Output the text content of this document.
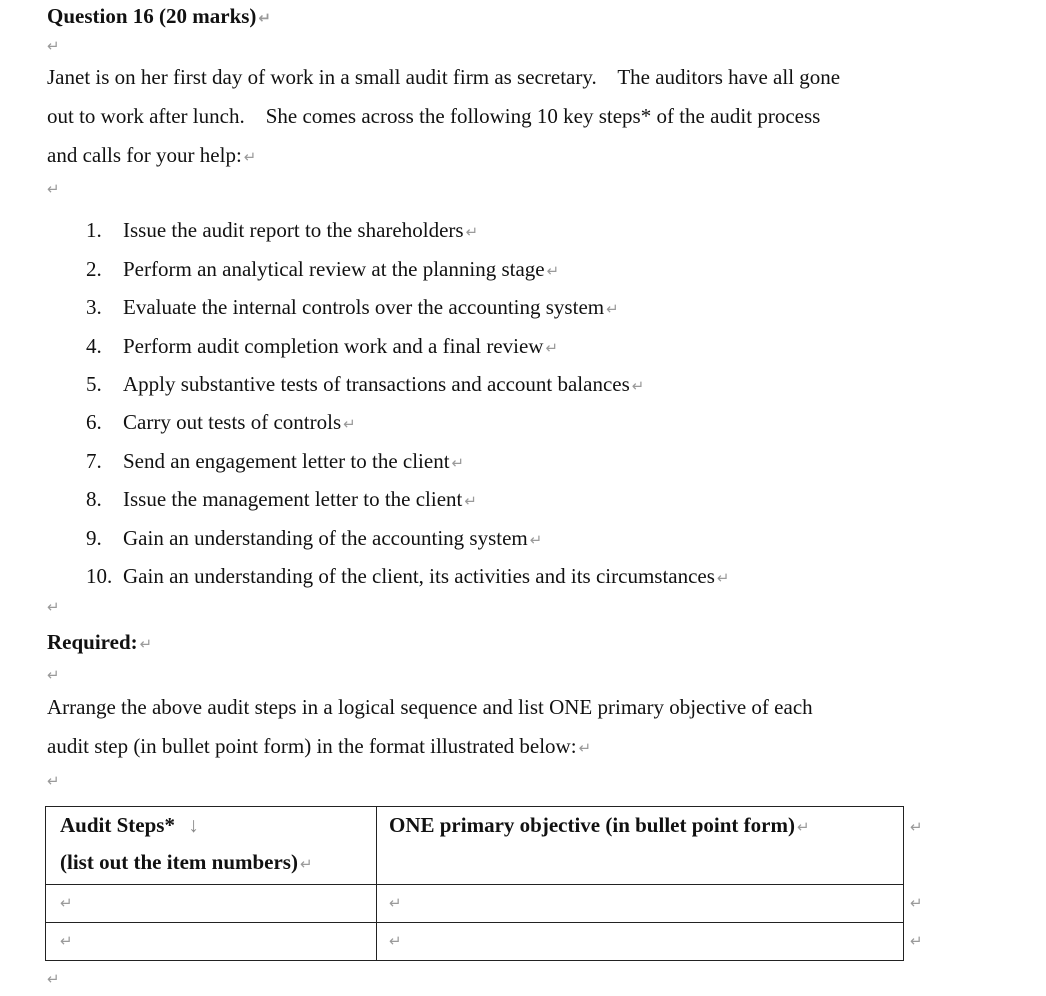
Question 16 (20 marks) ↵
↵
Janet is on her first day of work in a small audit firm as secretary.    The auditors have all gone
out to work after lunch.    She comes across the following 10 key steps* of the audit process
and calls for your help: ↵
↵
1. Issue the audit report to the shareholders ↵
2. Perform an analytical review at the planning stage ↵
3. Evaluate the internal controls over the accounting system ↵
4. Perform audit completion work and a final review ↵
5. Apply substantive tests of transactions and account balances ↵
6. Carry out tests of controls ↵
7. Send an engagement letter to the client ↵
8. Issue the management letter to the client ↵
9. Gain an understanding of the accounting system ↵
10. Gain an understanding of the client, its activities and its circumstances ↵
↵
Required: ↵
↵
Arrange the above audit steps in a logical sequence and list ONE primary objective of each
audit step (in bullet point form) in the format illustrated below: ↵
↵
Audit Steps* ↓
(list out the item numbers) ↵	ONE primary objective (in bullet point form) ↵
↵	↵
↵	↵
↵
↵
↵
↵
